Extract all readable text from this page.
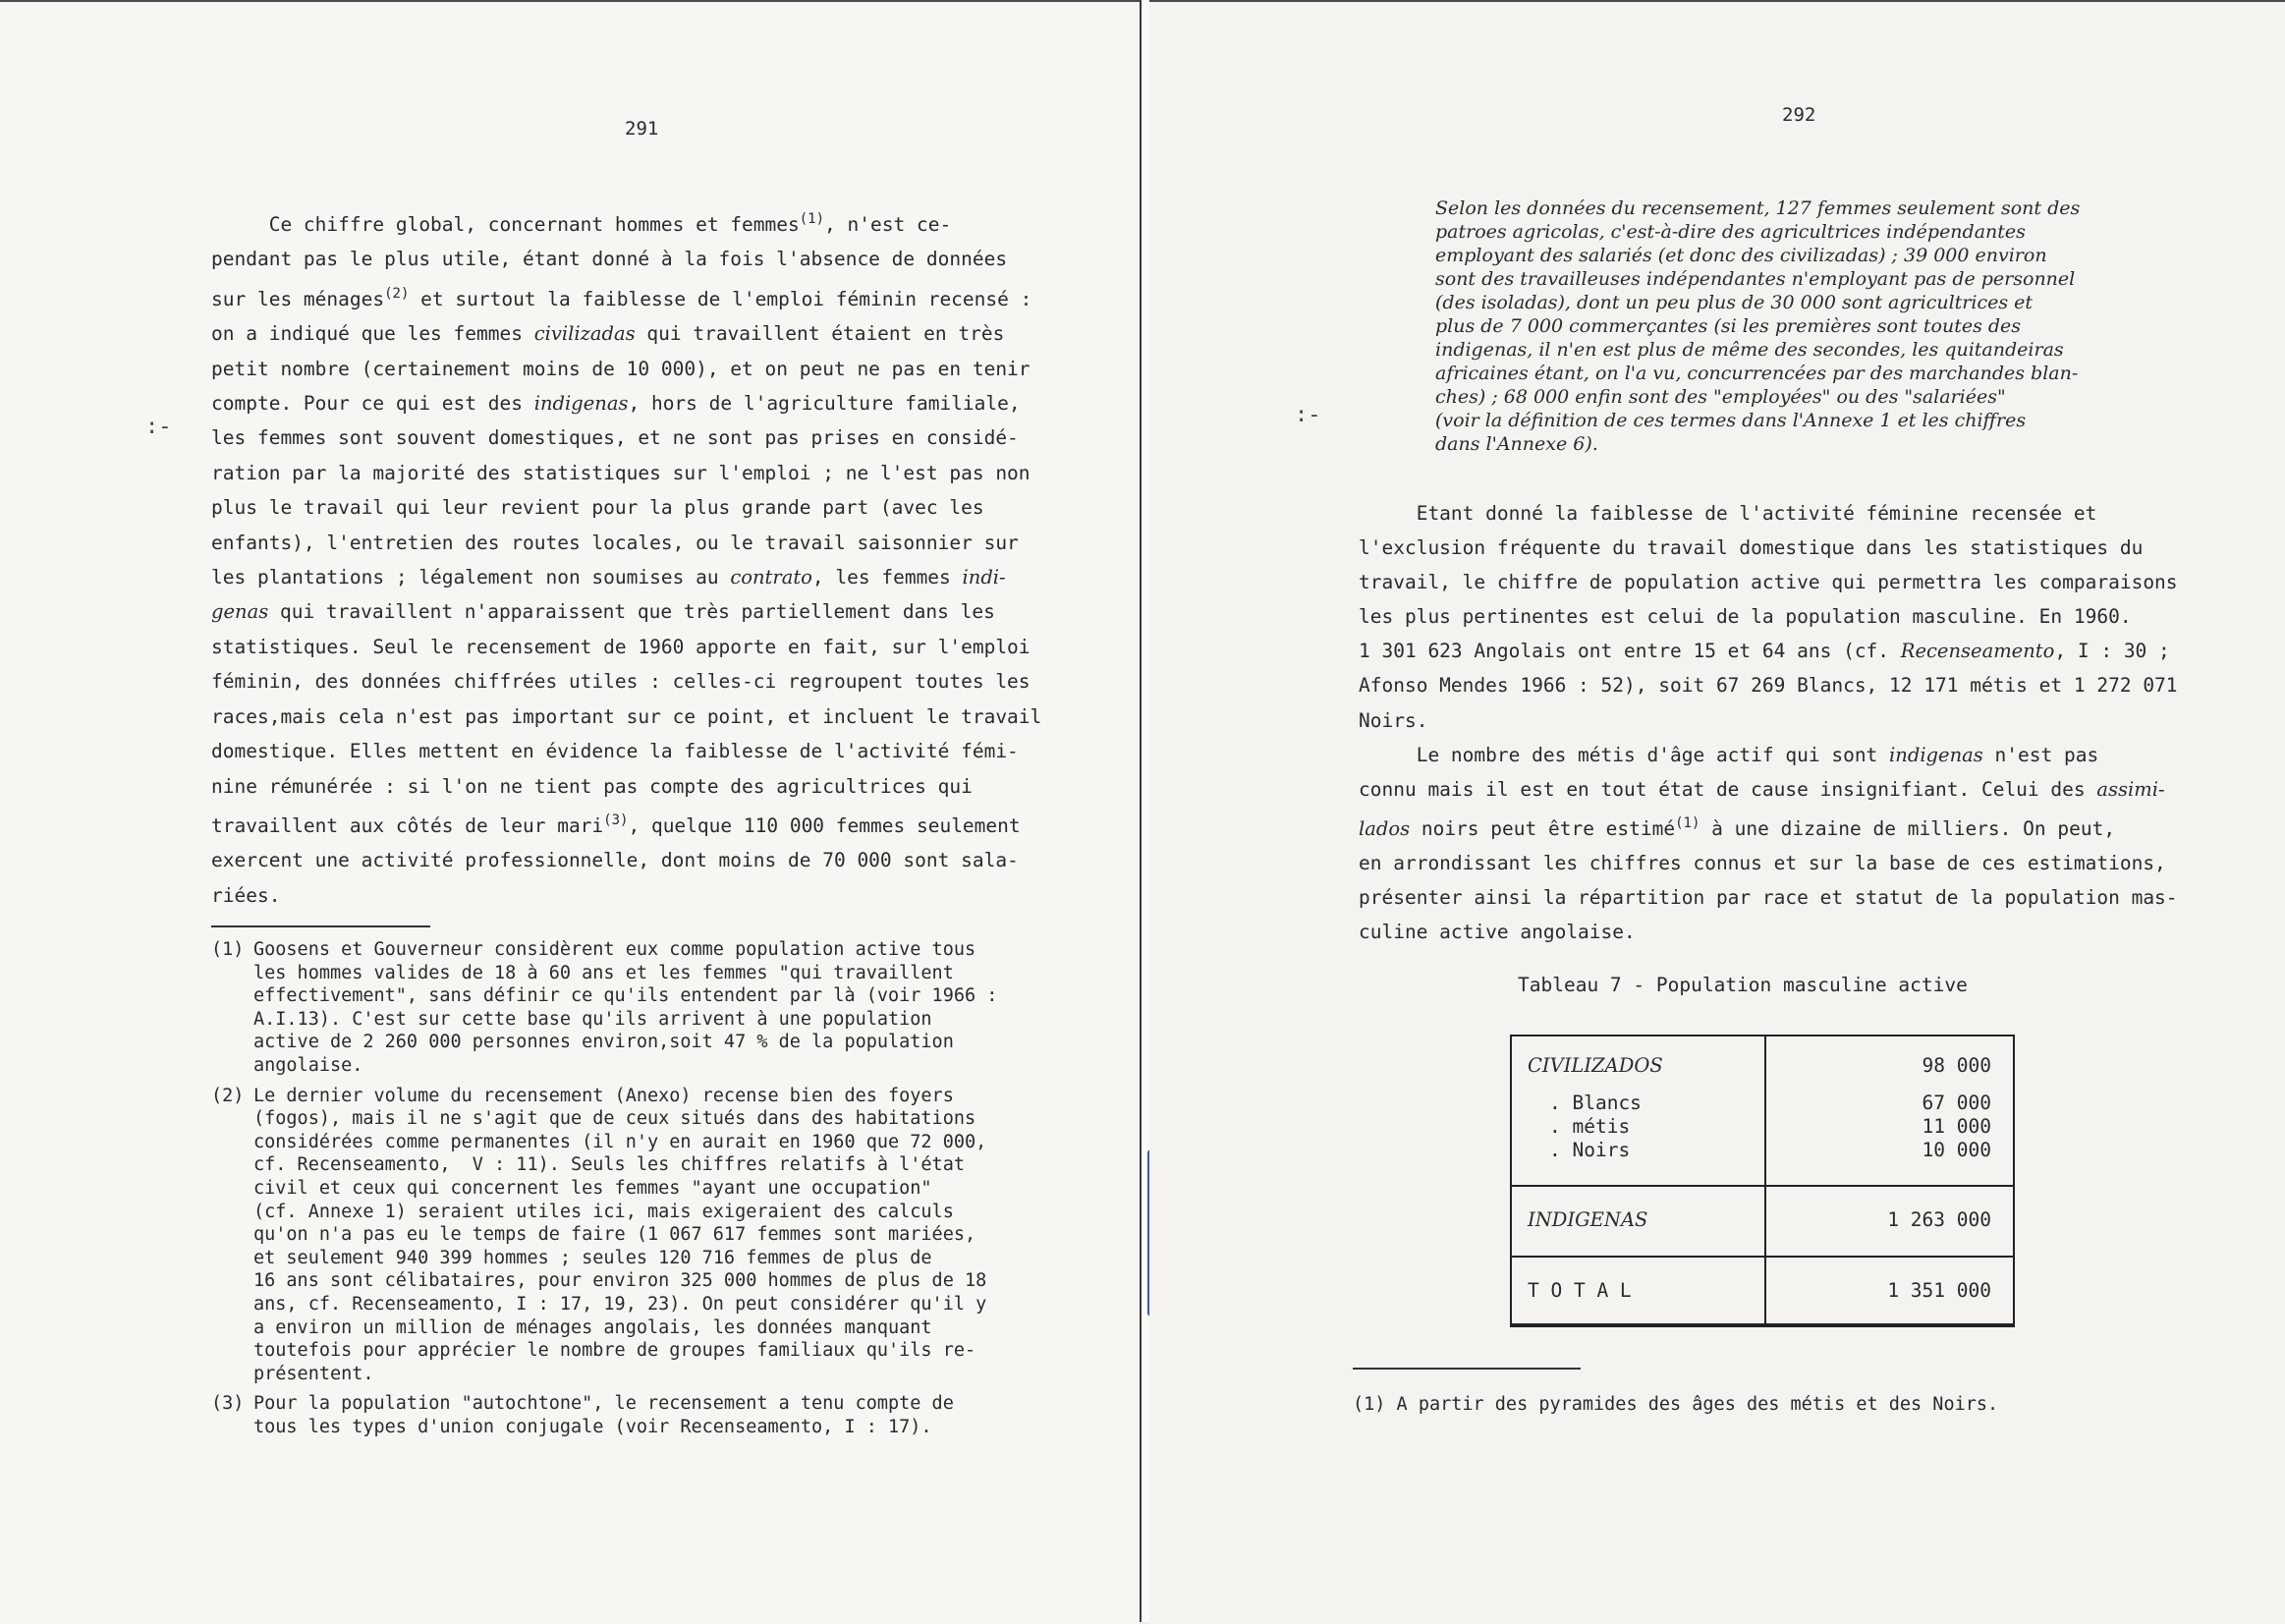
291
:-
Ce chiffre global, concernant hommes et femmes$^{(1)}$, n'est ce-
pendant pas le plus utile, étant donné à la fois l'absence de données
sur les ménages$^{(2)}$ et surtout la faiblesse de l'emploi féminin recensé :
on a indiqué que les femmes civilizadas qui travaillent étaient en très
petit nombre (certainement moins de 10 000), et on peut ne pas en tenir
compte. Pour ce qui est des indigenas, hors de l'agriculture familiale,
les femmes sont souvent domestiques, et ne sont pas prises en considé-
ration par la majorité des statistiques sur l'emploi ; ne l'est pas non
plus le travail qui leur revient pour la plus grande part (avec les
enfants), l'entretien des routes locales, ou le travail saisonnier sur
les plantations ; légalement non soumises au contrato, les femmes indi-
genas qui travaillent n'apparaissent que très partiellement dans les
statistiques. Seul le recensement de 1960 apporte en fait, sur l'emploi
féminin, des données chiffrées utiles : celles-ci regroupent toutes les
races,mais cela n'est pas important sur ce point, et incluent le travail
domestique. Elles mettent en évidence la faiblesse de l'activité fémi-
nine rémunérée : si l'on ne tient pas compte des agricultrices qui
travaillent aux côtés de leur mari$^{(3)}$, quelque 110 000 femmes seulement
exercent une activité professionnelle, dont moins de 70 000 sont sala-
riées.
(1) Goosens et Gouverneur considèrent eux comme population active tous
les hommes valides de 18 à 60 ans et les femmes "qui travaillent
effectivement", sans définir ce qu'ils entendent par là (voir 1966 :
A.I.13). C'est sur cette base qu'ils arrivent à une population
active de 2 260 000 personnes environ,soit 47 % de la population
angolaise.
(2) Le dernier volume du recensement (Anexo) recense bien des foyers
(fogos), mais il ne s'agit que de ceux situés dans des habitations
considérées comme permanentes (il n'y en aurait en 1960 que 72 000,
cf. Recenseamento,  V : 11). Seuls les chiffres relatifs à l'état
civil et ceux qui concernent les femmes "ayant une occupation"
(cf. Annexe 1) seraient utiles ici, mais exigeraient des calculs
qu'on n'a pas eu le temps de faire (1 067 617 femmes sont mariées,
et seulement 940 399 hommes ; seules 120 716 femmes de plus de
16 ans sont célibataires, pour environ 325 000 hommes de plus de 18
ans, cf. Recenseamento, I : 17, 19, 23). On peut considérer qu'il y
a environ un million de ménages angolais, les données manquant
toutefois pour apprécier le nombre de groupes familiaux qu'ils re-
présentent.
(3) Pour la population "autochtone", le recensement a tenu compte de
tous les types d'union conjugale (voir Recenseamento, I : 17).
292
:-
Selon les données du recensement, 127 femmes seulement sont des
patroes agricolas, c'est-à-dire des agricultrices indépendantes
employant des salariés (et donc des civilizadas) ; 39 000 environ
sont des travailleuses indépendantes n'employant pas de personnel
(des isoladas), dont un peu plus de 30 000 sont agricultrices et
plus de 7 000 commerçantes (si les premières sont toutes des
indigenas, il n'en est plus de même des secondes, les quitandeiras
africaines étant, on l'a vu, concurrencées par des marchandes blan-
ches) ; 68 000 enfin sont des "employées" ou des "salariées"
(voir la définition de ces termes dans l'Annexe 1 et les chiffres
dans l'Annexe 6).
Etant donné la faiblesse de l'activité féminine recensée et
l'exclusion fréquente du travail domestique dans les statistiques du
travail, le chiffre de population active qui permettra les comparaisons
les plus pertinentes est celui de la population masculine. En 1960.
1 301 623 Angolais ont entre 15 et 64 ans (cf. Recenseamento, I : 30 ;
Afonso Mendes 1966 : 52), soit 67 269 Blancs, 12 171 métis et 1 272 071
Noirs.
Le nombre des métis d'âge actif qui sont indigenas n'est pas
connu mais il est en tout état de cause insignifiant. Celui des assimi-
lados noirs peut être estimé$^{(1)}$ à une dizaine de milliers. On peut,
en arrondissant les chiffres connus et sur la base de ces estimations,
présenter ainsi la répartition par race et statut de la population mas-
culine active angolaise.
Tableau 7 - Population masculine active
CIVILIZADOS	98 000
. Blancs	67 000
. métis	11 000
. Noirs	10 000
INDIGENAS	1 263 000
T O T A L	1 351 000
(1) A partir des pyramides des âges des métis et des Noirs.
